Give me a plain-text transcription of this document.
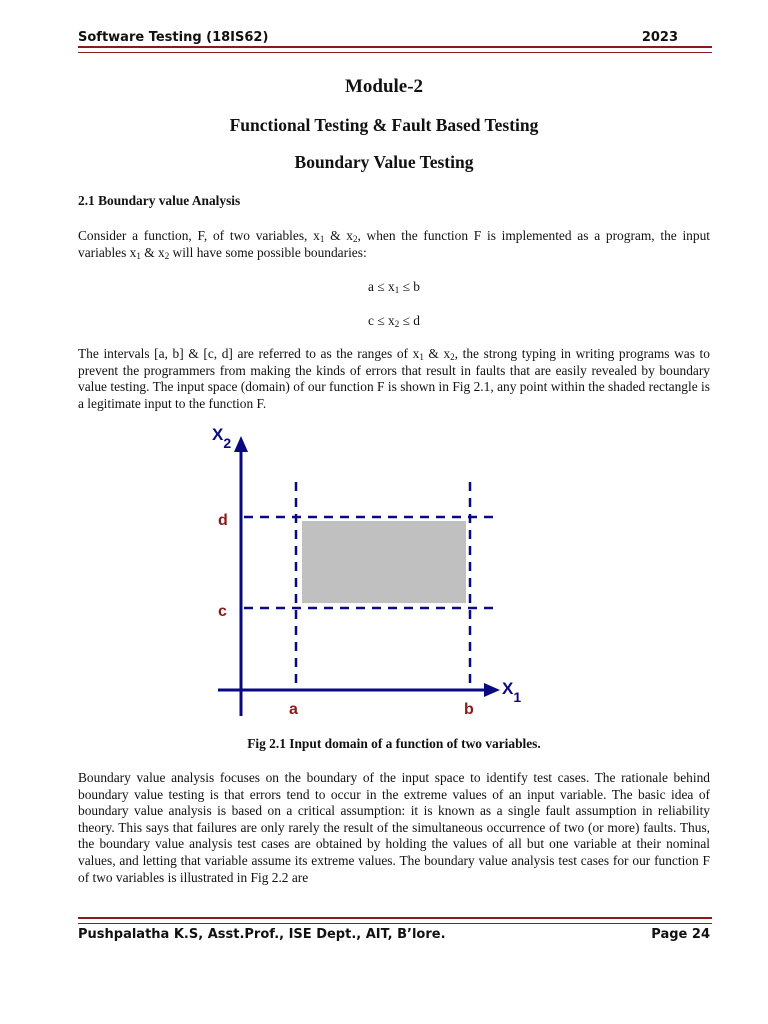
Software Testing (18IS62)	2023
Module-2
Functional Testing & Fault Based Testing
Boundary Value Testing
2.1 Boundary value Analysis
Consider a function, F, of two variables, $x_1$ & $x_2$, when the function F is implemented as a program, the input variables $x_1$ & $x_2$ will have some possible boundaries:
$a \le x_1 \le b$
$c \le x_2 \le d$
The intervals [a, b] & [c, d] are referred to as the ranges of $x_1$ & $x_2$, the strong typing in writing programs was to prevent the programmers from making the kinds of errors that result in faults that are easily revealed by boundary value testing. The input space (domain) of our function F is shown in Fig 2.1, any point within the shaded rectangle is a legitimate input to the function F.
$X_2$
$X_1$
d
c
a	b
Fig 2.1 Input domain of a function of two variables.
Boundary value analysis focuses on the boundary of the input space to identify test cases. The rationale behind boundary value testing is that errors tend to occur in the extreme values of an input variable. The basic idea of boundary value analysis is based on a critical assumption: it is known as a single fault assumption in reliability theory. This says that failures are only rarely the result of the simultaneous occurrence of two (or more) faults. Thus, the boundary value analysis test cases are obtained by holding the values of all but one variable at their nominal values, and letting that variable assume its extreme values. The boundary value analysis test cases for our function F of two variables is illustrated in Fig 2.2 are
Pushpalatha K.S, Asst.Prof., ISE Dept., AIT, B’lore.	Page 24
